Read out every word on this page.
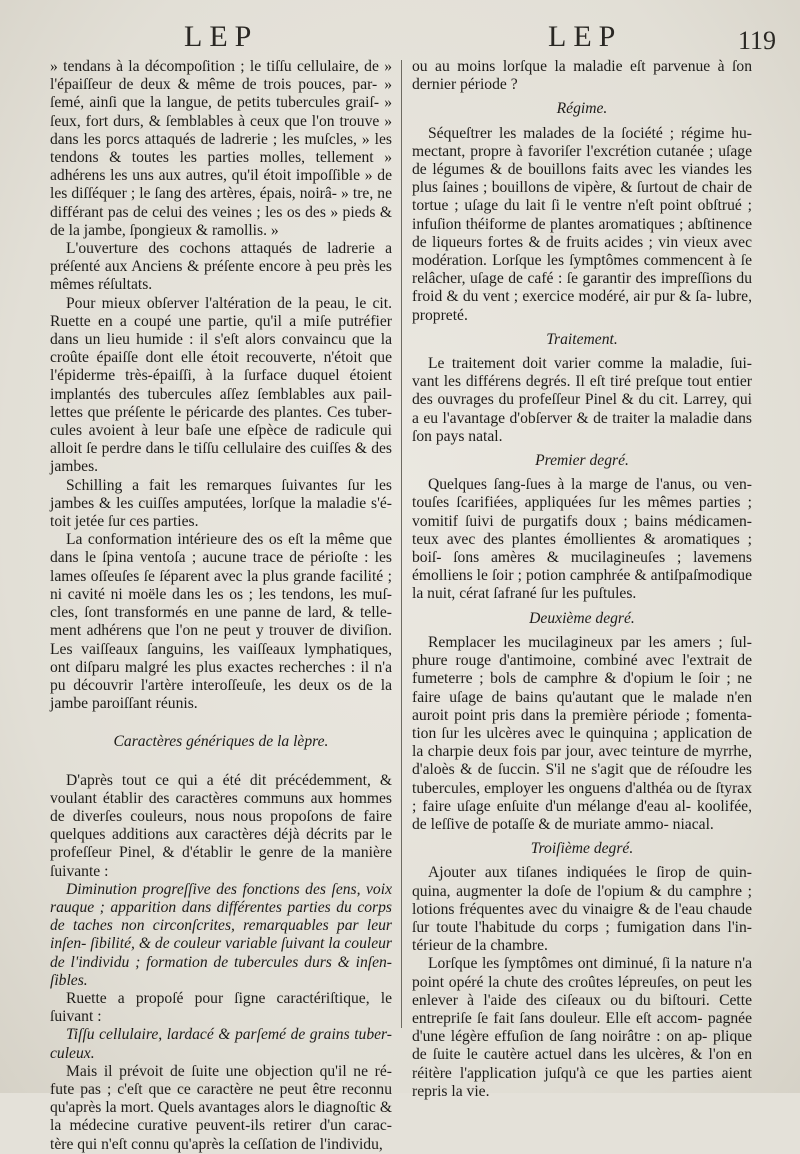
LEP	LEP	119

» tendans à la décompoſition ; le tiſſu cellulaire, de » l'épaiſſeur de deux & même de trois pouces, par- » ſemé, ainſi que la langue, de petits tubercules graiſ- » ſeux, fort durs, & ſemblables à ceux que l'on trouve » dans les porcs attaqués de ladrerie ; les muſcles, » les tendons & toutes les parties molles, tellement » adhérens les uns aux autres, qu'il étoit impoſſible » de les diſſéquer ; le ſang des artères, épais, noirâ- » tre, ne différant pas de celui des veines ; les os des » pieds & de la jambe, ſpongieux & ramollis. »

L'ouverture des cochons attaqués de ladrerie a préſenté aux Anciens & préſente encore à peu près les mêmes réſultats.

Pour mieux obſerver l'altération de la peau, le cit. Ruette en a coupé une partie, qu'il a miſe putréfier dans un lieu humide : il s'eſt alors convaincu que la croûte épaiſſe dont elle étoit recouverte, n'étoit que l'épiderme très-épaiſſi, à la ſurface duquel étoient implantés des tubercules aſſez ſemblables aux pail- lettes que préſente le péricarde des plantes. Ces tuber- cules avoient à leur baſe une eſpèce de radicule qui alloit ſe perdre dans le tiſſu cellulaire des cuiſſes & des jambes.

Schilling a fait les remarques ſuivantes ſur les jambes & les cuiſſes amputées, lorſque la maladie s'é- toit jetée ſur ces parties.

La conformation intérieure des os eſt la même que dans le ſpina ventoſa ; aucune trace de périoſte : les lames oſſeuſes ſe ſéparent avec la plus grande facilité ; ni cavité ni moële dans les os ; les tendons, les muſ- cles, ſont transformés en une panne de lard, & telle- ment adhérens que l'on ne peut y trouver de diviſion. Les vaiſſeaux ſanguins, les vaiſſeaux lymphatiques, ont diſparu malgré les plus exactes recherches : il n'a pu découvrir l'artère interoſſeuſe, les deux os de la jambe paroiſſant réunis.

Caractères génériques de la lèpre.

D'après tout ce qui a été dit précédemment, & voulant établir des caractères communs aux hommes de diverſes couleurs, nous nous propoſons de faire quelques additions aux caractères déjà décrits par le profeſſeur Pinel, & d'établir le genre de la manière ſuivante :

Diminution progreſſive des fonctions des ſens, voix rauque ; apparition dans différentes parties du corps de taches non circonſcrites, remarquables par leur inſen- ſibilité, & de couleur variable ſuivant la couleur de l'individu ; formation de tubercules durs & inſen- ſibles.

Ruette a propoſé pour ſigne caractériſtique, le ſuivant :

Tiſſu cellulaire, lardacé & parſemé de grains tuber- culeux.

Mais il prévoit de ſuite une objection qu'il ne ré- fute pas ; c'eſt que ce caractère ne peut être reconnu qu'après la mort. Quels avantages alors le diagnoſtic & la médecine curative peuvent-ils retirer d'un carac- tère qui n'eſt connu qu'après la ceſſation de l'individu,

ou au moins lorſque la maladie eſt parvenue à ſon dernier période ?

Régime.

Séqueſtrer les malades de la ſociété ; régime hu- mectant, propre à favoriſer l'excrétion cutanée ; uſage de légumes & de bouillons faits avec les viandes les plus ſaines ; bouillons de vipère, & ſurtout de chair de tortue ; uſage du lait ſi le ventre n'eſt point obſtrué ; infuſion théiforme de plantes aromatiques ; abſtinence de liqueurs fortes & de fruits acides ; vin vieux avec modération. Lorſque les ſymptômes commencent à ſe relâcher, uſage de café : ſe garantir des impreſſions du froid & du vent ; exercice modéré, air pur & ſa- lubre, propreté.

Traitement.

Le traitement doit varier comme la maladie, ſui- vant les différens degrés. Il eſt tiré preſque tout entier des ouvrages du profeſſeur Pinel & du cit. Larrey, qui a eu l'avantage d'obſerver & de traiter la maladie dans ſon pays natal.

Premier degré.

Quelques ſang-ſues à la marge de l'anus, ou ven- touſes ſcarifiées, appliquées ſur les mêmes parties ; vomitif ſuivi de purgatifs doux ; bains médicamen- teux avec des plantes émollientes & aromatiques ; boiſ- ſons amères & mucilagineuſes ; lavemens émolliens le ſoir ; potion camphrée & antiſpaſmodique la nuit, cérat ſafrané ſur les puſtules.

Deuxième degré.

Remplacer les mucilagineux par les amers ; ſul- phure rouge d'antimoine, combiné avec l'extrait de fumeterre ; bols de camphre & d'opium le ſoir ; ne faire uſage de bains qu'autant que le malade n'en auroit point pris dans la première période ; fomenta- tion ſur les ulcères avec le quinquina ; application de la charpie deux fois par jour, avec teinture de myrrhe, d'aloès & de ſuccin. S'il ne s'agit que de réſoudre les tubercules, employer les onguens d'althéa ou de ſtyrax ; faire uſage enſuite d'un mélange d'eau al- koolifée, de leſſive de potaſſe & de muriate ammo- niacal.

Troiſième degré.

Ajouter aux tiſanes indiquées le ſirop de quin- quina, augmenter la doſe de l'opium & du camphre ; lotions fréquentes avec du vinaigre & de l'eau chaude ſur toute l'habitude du corps ; fumigation dans l'in- térieur de la chambre.

Lorſque les ſymptômes ont diminué, ſi la nature n'a point opéré la chute des croûtes lépreuſes, on peut les enlever à l'aide des ciſeaux ou du biſtouri. Cette entrepriſe ſe fait ſans douleur. Elle eſt accom- pagnée d'une légère effuſion de ſang noirâtre : on ap- plique de ſuite le cautère actuel dans les ulcères, & l'on en réitère l'application juſqu'à ce que les parties aient repris la vie.
